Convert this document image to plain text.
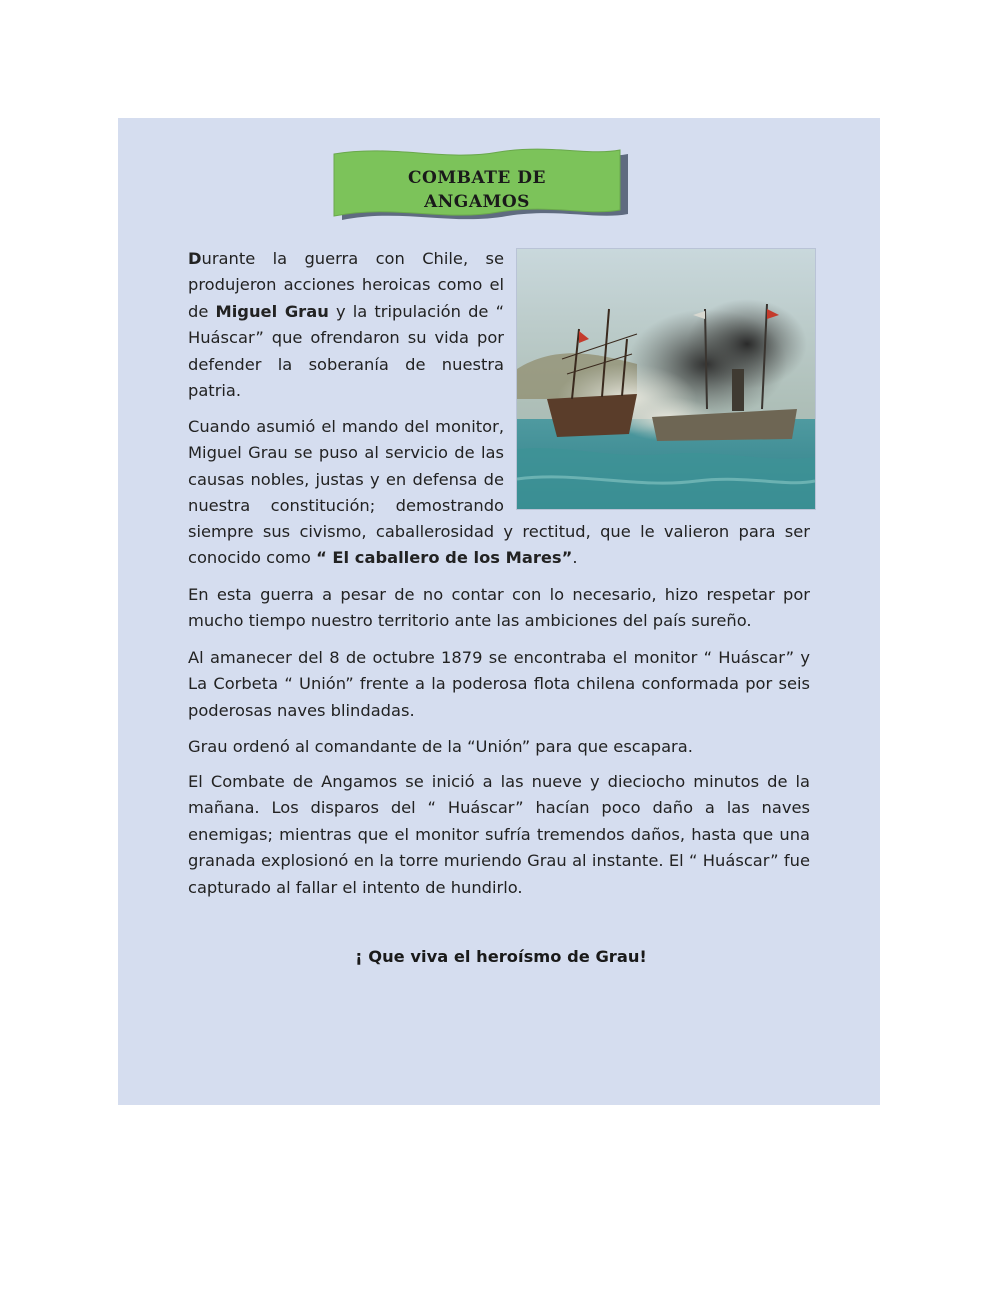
COMBATE DE
ANGAMOS
Durante la guerra con Chile, se
produjeron acciones heroicas como el
de Miguel Grau y la tripulación de “
Huáscar” que ofrendaron su vida por
defender la soberanía de nuestra
patria.
Cuando asumió el mando del monitor,
Miguel Grau se puso al servicio de las
causas nobles, justas y en defensa de
nuestra constitución; demostrando
siempre sus civismo, caballerosidad y rectitud, que le valieron para ser
conocido como “ El caballero de los Mares”.
En esta guerra a pesar de no contar con lo necesario, hizo respetar por mucho tiempo nuestro territorio ante las ambiciones del país sureño.
Al amanecer del 8 de octubre 1879 se encontraba el monitor “ Huáscar” y La Corbeta “ Unión” frente a la poderosa flota chilena conformada por seis poderosas naves blindadas.
Grau ordenó al comandante de la “Unión” para que escapara.
El Combate de Angamos se inició a las nueve y dieciocho minutos de la mañana. Los disparos del “ Huáscar” hacían poco daño a las naves enemigas; mientras que el monitor sufría tremendos daños, hasta que una granada explosionó en la torre muriendo Grau al instante. El “ Huáscar” fue capturado al fallar el intento de hundirlo.
¡ Que viva el heroísmo de Grau!
